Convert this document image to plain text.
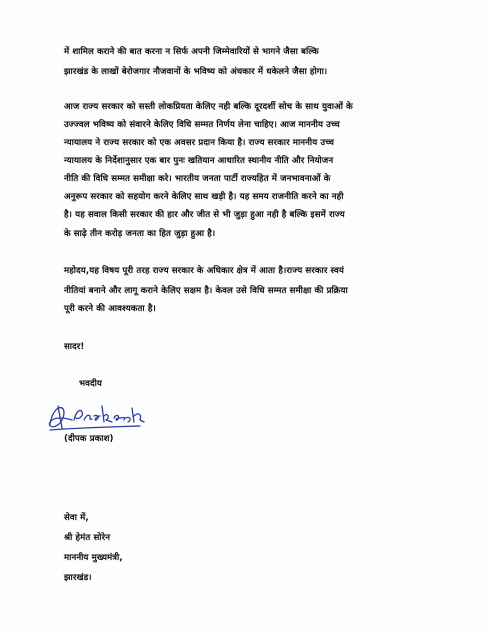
में शामिल कराने की बात करना न सिर्फ अपनी जिम्मेवारियों से भागने जैसा बल्कि
झारखंड के लाखों बेरोजगार नौजवानों के भविष्य को अंधकार में धकेलने जैसा होगा।
आज राज्य सरकार को सस्ती लोकप्रियता केलिए नही बल्कि दूरदर्शी सोच के साथ युवाओं के
उज्ज्वल भविष्य को संवारने केलिए विधि सम्मत निर्णय लेना चाहिए। आज माननीय उच्च
न्यायालय ने राज्य सरकार को एक अवसर प्रदान किया है। राज्य सरकार माननीय उच्च
न्यायालय के निर्देशानुसार एक बार पुनः खतियान आधारित स्थानीय नीति और नियोजन
नीति की विधि सम्मत समीक्षा करे। भारतीय जनता पार्टी राज्यहित में जनभावनाओं के
अनुरूप सरकार को सहयोग करने केलिए साथ खड़ी है। यह समय राजनीति करने का नही
है। यह सवाल किसी सरकार की हार और जीत से भी जुड़ा हुआ नही है बल्कि इसमें राज्य
के साढ़े तीन करोड़ जनता का हित जुड़ा हुआ है।
महोदय,यह विषय पूरी तरह राज्य सरकार के अधिकार क्षेत्र में आता है।राज्य सरकार स्वयं
नीतियां बनाने और लागू कराने केलिए सक्षम है। केवल उसे विधि सम्मत समीक्षा की प्रक्रिया
पूरी करने की आवश्यकता है।
सादर!
भवदीय
(दीपक प्रकाश)
सेवा में,
श्री हेमंत सोरेन
माननीय मुख्यमंत्री,
झारखंड।
